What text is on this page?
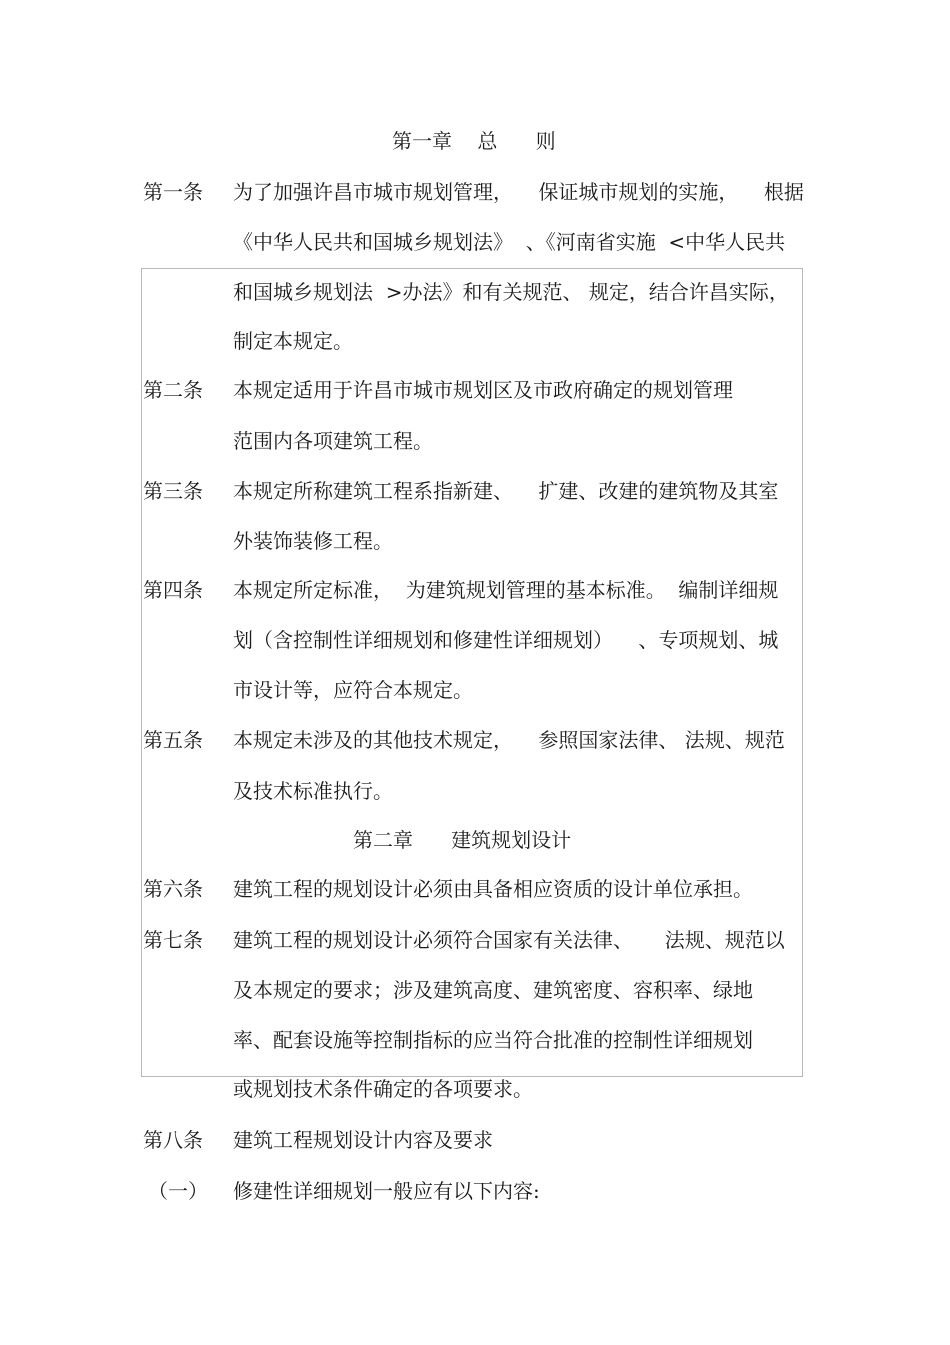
第一章    总      则
第一条 为了加强许昌市城市规划管理，    保证城市规划的实施，    根据
《中华人民共和国城乡规划法》  、《河南省实施  <中华人民共
和国城乡规划法  >办法》和有关规范、 规定，结合许昌实际，
制定本规定。
第二条 本规定适用于许昌市城市规划区及市政府确定的规划管理
范围内各项建筑工程。
第三条 本规定所称建筑工程系指新建、    扩建、改建的建筑物及其室
外装饰装修工程。
第四条 本规定所定标准，  为建筑规划管理的基本标准。  编制详细规
划（含控制性详细规划和修建性详细规划）    、专项规划、城
市设计等，应符合本规定。
第五条 本规定未涉及的其他技术规定，    参照国家法律、 法规、规范
及技术标准执行。
第二章      建筑规划设计
第六条 建筑工程的规划设计必须由具备相应资质的设计单位承担。
第七条 建筑工程的规划设计必须符合国家有关法律、     法规、规范以
及本规定的要求；涉及建筑高度、建筑密度、容积率、绿地
率、配套设施等控制指标的应当符合批准的控制性详细规划
或规划技术条件确定的各项要求。
第八条 建筑工程规划设计内容及要求
（一） 修建性详细规划一般应有以下内容:
